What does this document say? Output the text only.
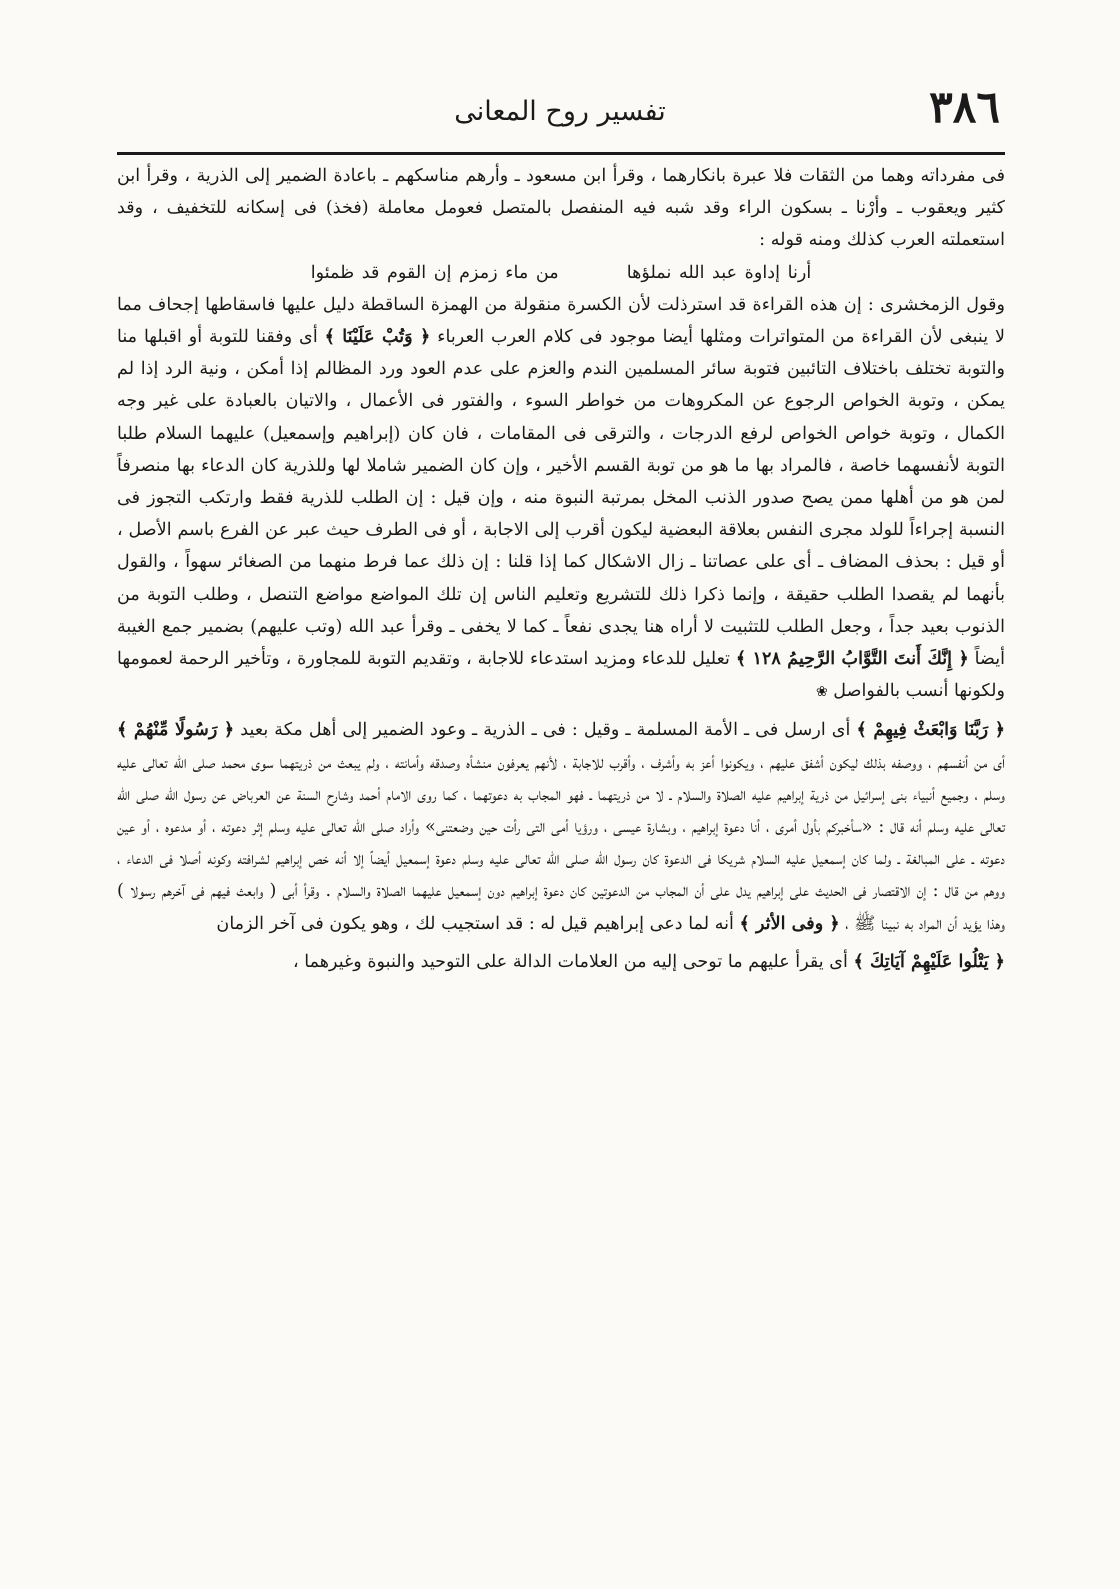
٣٨٦
تفسير روح المعانى

فى مفرداته وهما من الثقات فلا عبرة بانكارهما ، وقرأ ابن مسعود ـ وأرهم مناسكهم ـ باعادة الضمير إلى الذرية ، وقرأ ابن كثير ويعقوب ـ وأرْنا ـ بسكون الراء وقد شبه فيه المنفصل بالمتصل فعومل معاملة (فخذ) فى إسكانه للتخفيف ، وقد استعملته العرب كذلك ومنه قوله :

أرنا إداوة عبد الله نملؤهامن ماء زمزم إن القوم قد ظمئوا

وقول الزمخشرى : إن هذه القراءة قد استرذلت لأن الكسرة منقولة من الهمزة الساقطة دليل عليها فاسقاطها إجحاف مما لا ينبغى لأن القراءة من المتواترات ومثلها أيضا موجود فى كلام العرب العرباء ﴿ وَتُبْ عَلَيْنَا ﴾ أى وفقنا للتوبة أو اقبلها منا والتوبة تختلف باختلاف التائبين فتوبة سائر المسلمين الندم والعزم على عدم العود ورد المظالم إذا أمكن ، ونية الرد إذا لم يمكن ، وتوبة الخواص الرجوع عن المكروهات من خواطر السوء ، والفتور فى الأعمال ، والاتيان بالعبادة على غير وجه الكمال ، وتوبة خواص الخواص لرفع الدرجات ، والترقى فى المقامات ، فان كان (إبراهيم وإسمعيل) عليهما السلام طلبا التوبة لأنفسهما خاصة ، فالمراد بها ما هو من توبة القسم الأخير ، وإن كان الضمير شاملا لها وللذرية كان الدعاء بها منصرفاً لمن هو من أهلها ممن يصح صدور الذنب المخل بمرتبة النبوة منه ، وإن قيل : إن الطلب للذرية فقط وارتكب التجوز فى النسبة إجراءاً للولد مجرى النفس بعلاقة البعضية ليكون أقرب إلى الاجابة ، أو فى الطرف حيث عبر عن الفرع باسم الأصل ، أو قيل : بحذف المضاف ـ أى على عصاتنا ـ زال الاشكال كما إذا قلنا : إن ذلك عما فرط منهما من الصغائر سهواً ، والقول بأنهما لم يقصدا الطلب حقيقة ، وإنما ذكرا ذلك للتشريع وتعليم الناس إن تلك المواضع مواضع التنصل ، وطلب التوبة من الذنوب بعيد جداً ، وجعل الطلب للتثبيت لا أراه هنا يجدى نفعاً ـ كما لا يخفى ـ وقرأ عبد الله (وتب عليهم) بضمير جمع الغيبة أيضاً ﴿ إِنَّكَ أَنتَ التَّوَّابُ الرَّحِيمُ ١٢٨ ﴾ تعليل للدعاء ومزيد استدعاء للاجابة ، وتقديم التوبة للمجاورة ، وتأخير الرحمة لعمومها ولكونها أنسب بالفواصل ❀

﴿ رَبَّنَا وَابْعَثْ فِيهِمْ ﴾ أى ارسل فى ـ الأمة المسلمة ـ وقيل : فى ـ الذرية ـ وعود الضمير إلى أهل مكة بعيد ﴿ رَسُولًا مِّنْهُمْ ﴾ أى من أنفسهم ، ووصفه بذلك ليكون أشفق عليهم ، ويكونوا أعز به وأشرف ، وأقرب للاجابة ، لأنهم يعرفون منشأه وصدقه وأمانته ، ولم يبعث من ذريتهما سوى محمد صلى الله تعالى عليه وسلم ، وجميع أنبياء بنى إسرائيل من ذرية إبراهيم عليه الصلاة والسلام ـ لا من ذريتهما ـ فهو المجاب به دعوتهما ، كما روى الامام أحمد وشارح السنة عن العرباض عن رسول الله صلى الله تعالى عليه وسلم أنه قال : «سأخبركم بأول أمرى ، أنا دعوة إبراهيم ، وبشارة عيسى ، ورؤيا أمى التى رأت حين وضعتنى» وأراد صلى الله تعالى عليه وسلم إثر دعوته ، أو مدعوه ، أو عين دعوته ـ على المبالغة ـ ولما كان إسمعيل عليه السلام شريكا فى الدعوة كان رسول الله صلى الله تعالى عليه وسلم دعوة إسمعيل أيضاً إلا أنه خص إبراهيم لشرافته وكونه أصلا فى الدعاء ، ووهم من قال : إن الاقتصار فى الحديث على إبراهيم يدل على أن المجاب من الدعوتين كان دعوة إبراهيم دون إسمعيل عليهما الصلاة والسلام . وقرأ أبى ( وابعث فيهم فى آخرهم رسولا ) وهذا يؤيد أن المراد به نبينا ﷺ ، ﴿ وفى الأثر ﴾ أنه لما دعى إبراهيم قيل له : قد استجيب لك ، وهو يكون فى آخر الزمان

﴿ يَتْلُوا عَلَيْهِمْ آيَاتِكَ ﴾ أى يقرأ عليهم ما توحى إليه من العلامات الدالة على التوحيد والنبوة وغيرهما ،
